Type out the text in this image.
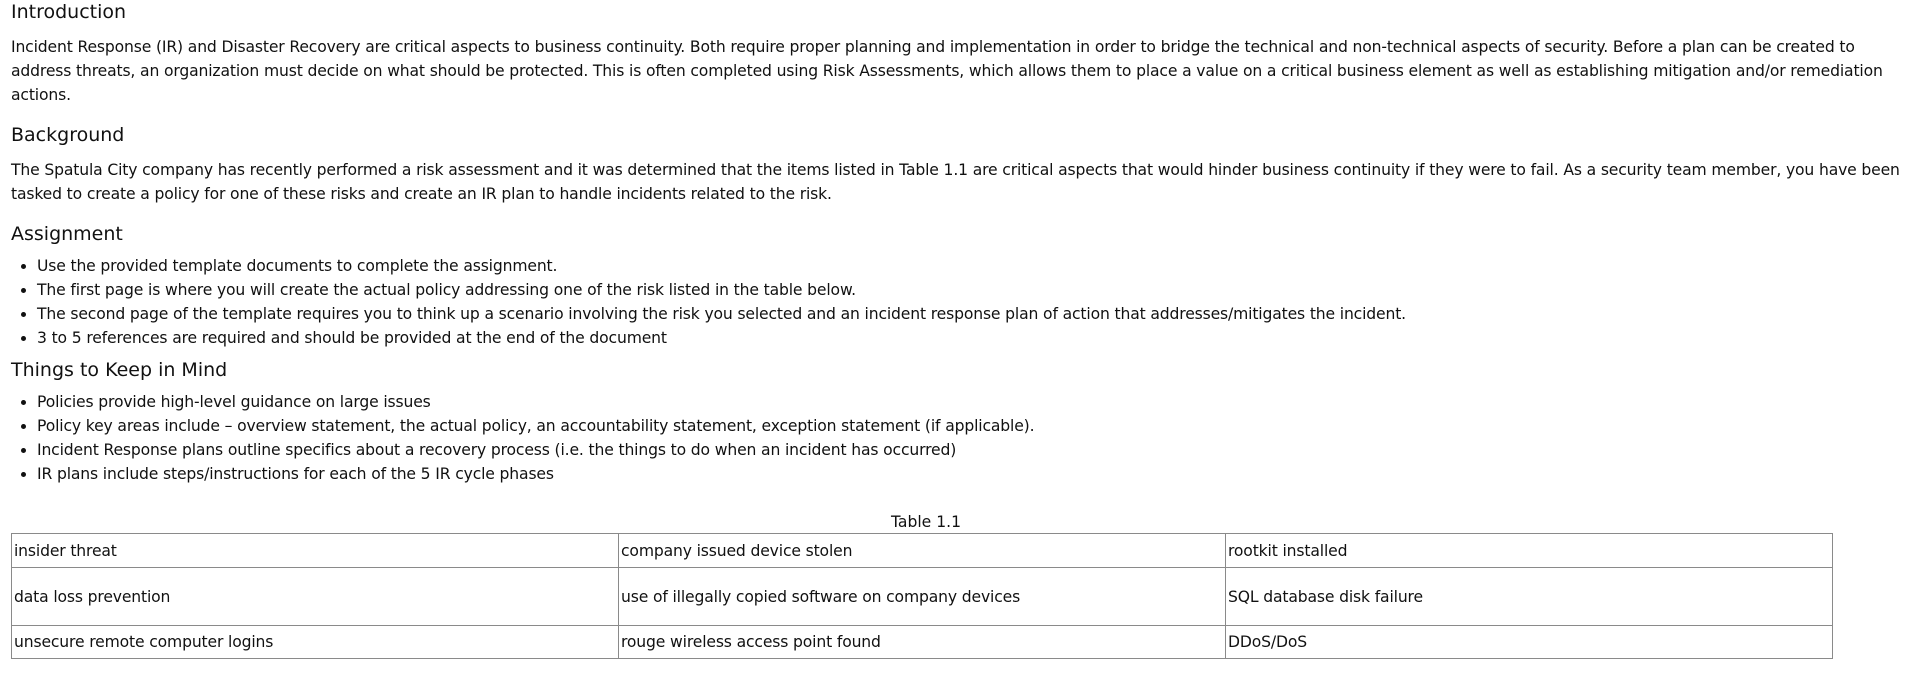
Introduction

Incident Response (IR) and Disaster Recovery are critical aspects to business continuity. Both require proper planning and implementation in order to bridge the technical and non-technical aspects of security. Before a plan can be created to address threats, an organization must decide on what should be protected. This is often completed using Risk Assessments, which allows them to place a value on a critical business element as well as establishing mitigation and/or remediation actions.

Background

The Spatula City company has recently performed a risk assessment and it was determined that the items listed in Table 1.1 are critical aspects that would hinder business continuity if they were to fail. As a security team member, you have been tasked to create a policy for one of these risks and create an IR plan to handle incidents related to the risk.

Assignment
• Use the provided template documents to complete the assignment.
• The first page is where you will create the actual policy addressing one of the risk listed in the table below.
• The second page of the template requires you to think up a scenario involving the risk you selected and an incident response plan of action that addresses/mitigates the incident.
• 3 to 5 references are required and should be provided at the end of the document
Things to Keep in Mind
• Policies provide high-level guidance on large issues
• Policy key areas include – overview statement, the actual policy, an accountability statement, exception statement (if applicable).
• Incident Response plans outline specifics about a recovery process (i.e. the things to do when an incident has occurred)
• IR plans include steps/instructions for each of the 5 IR cycle phases
Table 1.1
insider threat	company issued device stolen	rootkit installed
data loss prevention	use of illegally copied software on company devices	SQL database disk failure
unsecure remote computer logins	rouge wireless access point found	DDoS/DoS
